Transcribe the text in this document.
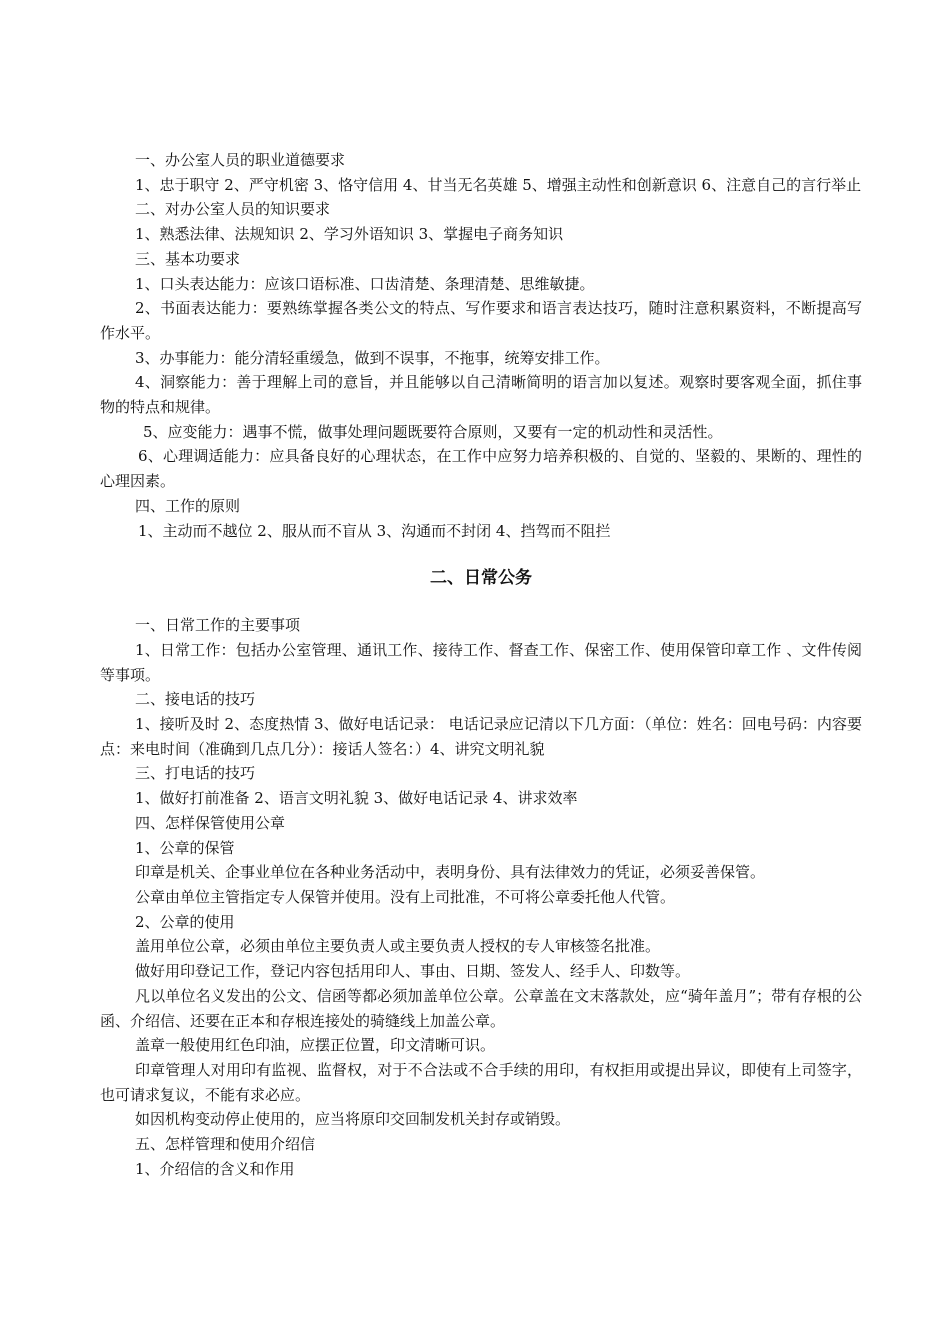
一、办公室人员的职业道德要求

1、忠于职守 2、严守机密 3、恪守信用 4、甘当无名英雄 5、增强主动性和创新意识 6、注意自己的言行举止

二、对办公室人员的知识要求

1、熟悉法律、法规知识 2、学习外语知识 3、掌握电子商务知识

三、基本功要求

1、口头表达能力：应该口语标准、口齿清楚、条理清楚、思维敏捷。

2、书面表达能力：要熟练掌握各类公文的特点、写作要求和语言表达技巧，随时注意积累资料，不断提高写作水平。

3、办事能力：能分清轻重缓急，做到不误事，不拖事，统筹安排工作。

4、洞察能力：善于理解上司的意旨，并且能够以自己清晰简明的语言加以复述。观察时要客观全面，抓住事物的特点和规律。

5、应变能力：遇事不慌，做事处理问题既要符合原则，又要有一定的机动性和灵活性。

6、心理调适能力：应具备良好的心理状态，在工作中应努力培养积极的、自觉的、坚毅的、果断的、理性的心理因素。

四、工作的原则

1、主动而不越位 2、服从而不盲从 3、沟通而不封闭 4、挡驾而不阻拦

二、日常公务

一、日常工作的主要事项

1、日常工作：包括办公室管理、通讯工作、接待工作、督查工作、保密工作、使用保管印章工作 、文件传阅等事项。

二、接电话的技巧

1、接听及时 2、态度热情 3、做好电话记录： 电话记录应记清以下几方面：（单位：姓名：回电号码：内容要点：来电时间（准确到几点几分）：接话人签名：）4、讲究文明礼貌

三、打电话的技巧

1、做好打前准备 2、语言文明礼貌 3、做好电话记录 4、讲求效率

四、怎样保管使用公章

1、公章的保管

印章是机关、企事业单位在各种业务活动中，表明身份、具有法律效力的凭证，必须妥善保管。

公章由单位主管指定专人保管并使用。没有上司批准，不可将公章委托他人代管。

2、公章的使用

盖用单位公章，必须由单位主要负责人或主要负责人授权的专人审核签名批准。

做好用印登记工作，登记内容包括用印人、事由、日期、签发人、经手人、印数等。

凡以单位名义发出的公文、信函等都必须加盖单位公章。公章盖在文末落款处，应“骑年盖月”；带有存根的公函、介绍信、还要在正本和存根连接处的骑缝线上加盖公章。

盖章一般使用红色印油，应摆正位置，印文清晰可识。

印章管理人对用印有监视、监督权，对于不合法或不合手续的用印，有权拒用或提出异议，即使有上司签字，也可请求复议，不能有求必应。

如因机构变动停止使用的，应当将原印交回制发机关封存或销毁。

五、怎样管理和使用介绍信

1、介绍信的含义和作用
